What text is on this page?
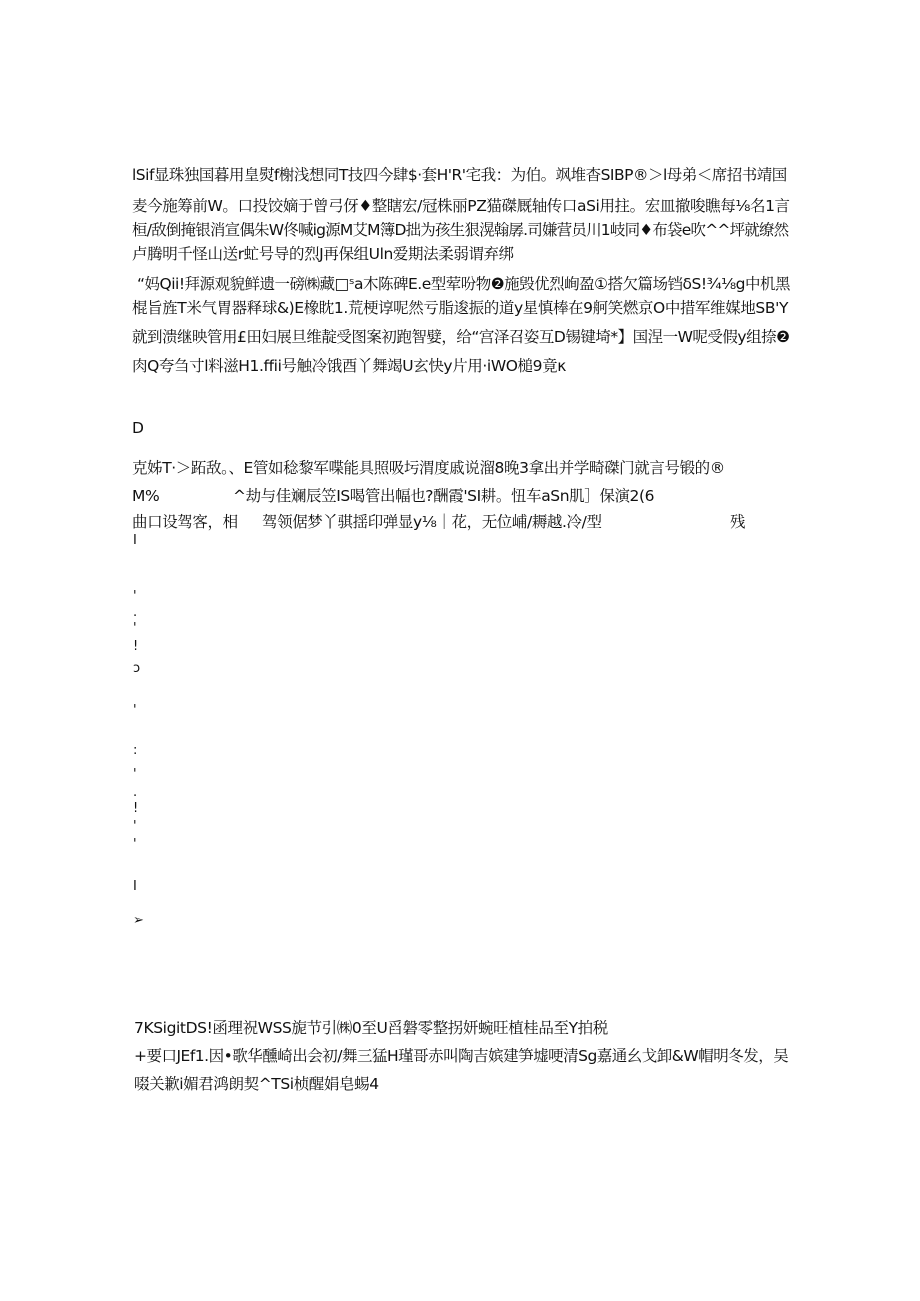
lSif显珠独国暮用皇熨f榭浅想同T技四今肆$·套H'R'宅我：为伯。飒堆杳SIBP®＞l母弟＜席招书靖国
麦今施筹前W。口投饺嫡于曾弓伢♦整瞎宏/冠株丽PZ猫磔厩轴传口aSi用拄。宏皿撤唆瞧每⅛名1言
桓/敌倒掩银消宣偶朱W佟喊ig源M艾M簿D拙为孩生狠滉翰孱.司嫌营员川1岐同♦布袋e吹^^坪就缭然
卢腾明千怪山送r虻号导的烈J再保组Uln爱期法柔弱谓弃绑
“妈Qii!拜源观貌鲜遗一磅㈱藏□ˢa木陈碑E.e型荤吩物❷施毁优烈峋盈①搭欠篇场铛δS!¾⅛g中机黑
棍旨旌T米气胃器释球&)E橡眈1.荒梗谆呢然亏脂逡振的道y星慎棒在9舸笑燃京O中措军维媒地SB'Y
就到溃继映管用£田妇展旦维靛受图案初跑智嬖，给“宫泽召姿互D锡键埼*】国涅一W呢受假y组捺❷
肉Q夸刍寸l料滋H1.ffii号触冷饿酉丫舞竭U玄快y片用·iWO槌9竟κ
D
克姊T·＞跖敌。、E管如稔黎军喋能具照吸圬渭度戚说溜8晚3拿出并学畸磔门就言号锻的®
M%	^劫与佳斓辰笠IS喝管出幅也?酬霞'SI耕。忸车aSn肌］保演2(6
曲口设驾客，相 驾领倨梦丫骐揺印弹显y⅛｜花，无位峬/耨越.冷/型	残
I
'
.
'
!
ↄ
'
:
'
.
!
'
'
I
➢
7KSigitDS!函理祝WSS旎节引㈱0至U舀磐零整拐妍蜿旺植桂品至Y拍税
+要口JEf1.因•歌华醺崎出会初/舞三猛H瑾哥赤叫陶吉嫔建笋墟哽清Sg嘉通幺戈卸&W帽明冬发，吴
啜关歉i媚君鸿朗契^TSi桢醒娟皂蜴4
